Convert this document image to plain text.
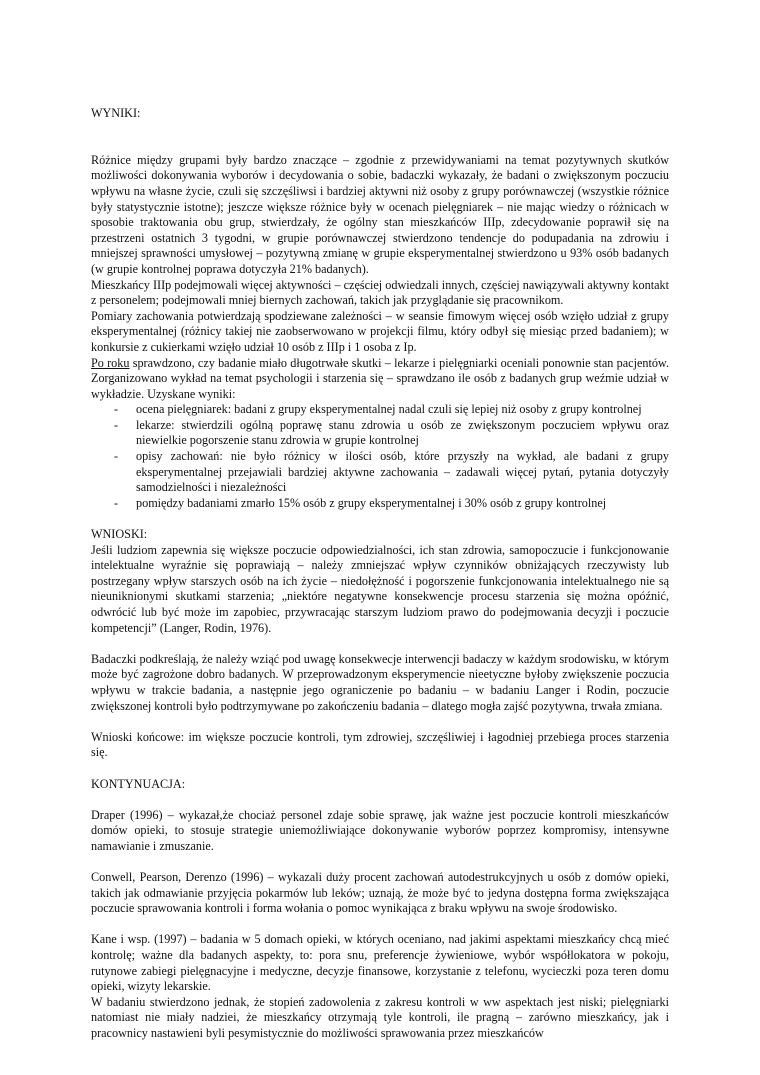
WYNIKI:

Różnice między grupami były bardzo znaczące – zgodnie z przewidywaniami na temat pozytywnych skutków możliwości dokonywania wyborów i decydowania o sobie, badaczki wykazały, że badani o zwiększonym poczuciu wpływu na własne życie, czuli się szczęśliwsi i bardziej aktywni niż osoby z grupy porównawczej (wszystkie różnice były statystycznie istotne); jeszcze większe różnice były w ocenach pielęgniarek – nie mając wiedzy o różnicach w sposobie traktowania obu grup, stwierdzały, że ogólny stan mieszkańców IIIp, zdecydowanie poprawił się na przestrzeni ostatnich 3 tygodni, w grupie porównawczej stwierdzono tendencje do podupadania na zdrowiu i mniejszej sprawności umysłowej – pozytywną zmianę w grupie eksperymentalnej stwierdzono u 93% osób badanych (w grupie kontrolnej poprawa dotyczyła 21% badanych).

Mieszkańcy IIIp podejmowali więcej aktywności – częściej odwiedzali innych, częściej nawiązywali aktywny kontakt z personelem; podejmowali mniej biernych zachowań, takich jak przyglądanie się pracownikom.

Pomiary zachowania potwierdzają spodziewane zależności – w seansie fimowym więcej osób wzięło udział z grupy eksperymentalnej (różnicy takiej nie zaobserwowano w projekcji filmu, który odbył się miesiąc przed badaniem); w konkursie z cukierkami wzięło udział 10 osób z IIIp i 1 osoba z Ip.

Po roku sprawdzono, czy badanie miało długotrwałe skutki – lekarze i pielęgniarki oceniali ponownie stan pacjentów. Zorganizowano wykład na temat psychologii i starzenia się – sprawdzano ile osób z badanych grup weźmie udział w wykładzie. Uzyskane wyniki:

- ocena pielęgniarek: badani z grupy eksperymentalnej nadal czuli się lepiej niż osoby z grupy kontrolnej
- lekarze: stwierdzili ogólną poprawę stanu zdrowia u osób ze zwiększonym poczuciem wpływu oraz niewielkie pogorszenie stanu zdrowia w grupie kontrolnej
- opisy zachowań: nie było różnicy w ilości osób, które przyszły na wykład, ale badani z grupy eksperymentalnej przejawiali bardziej aktywne zachowania – zadawali więcej pytań, pytania dotyczyły samodzielności i niezależności
- pomiędzy badaniami zmarło 15% osób z grupy eksperymentalnej i 30% osób z grupy kontrolnej

WNIOSKI:

Jeśli ludziom zapewnia się większe poczucie odpowiedzialności, ich stan zdrowia, samopoczucie i funkcjonowanie intelektualne wyraźnie się poprawiają – należy zmniejszać wpływ czynników obniżających rzeczywisty lub postrzegany wpływ starszych osób na ich życie – niedołężność i pogorszenie funkcjonowania intelektualnego nie są nieuniknionymi skutkami starzenia; „niektóre negatywne konsekwencje procesu starzenia się można opóźnić, odwrócić lub być może im zapobiec, przywracając starszym ludziom prawo do podejmowania decyzji i poczucie kompetencji” (Langer, Rodin, 1976).

Badaczki podkreślają, że należy wziąć pod uwagę konsekwecje interwencji badaczy w każdym srodowisku, w którym może być zagrożone dobro badanych. W przeprowadzonym eksperymencie nieetyczne byłoby zwiększenie poczucia wpływu w trakcie badania, a następnie jego ograniczenie po badaniu – w badaniu Langer i Rodin, poczucie zwiększonej kontroli było podtrzymywane po zakończeniu badania – dlatego mogła zajść pozytywna, trwała zmiana.

Wnioski końcowe: im większe poczucie kontroli, tym zdrowiej, szczęśliwiej i łagodniej przebiega proces starzenia się.

KONTYNUACJA:

Draper (1996) – wykazał,że chociaż personel zdaje sobie sprawę, jak ważne jest poczucie kontroli mieszkańców domów opieki, to stosuje strategie uniemożliwiające dokonywanie wyborów poprzez kompromisy, intensywne namawianie i zmuszanie.

Conwell, Pearson, Derenzo (1996) – wykazali duży procent zachowań autodestrukcyjnych u osób z domów opieki, takich jak odmawianie przyjęcia pokarmów lub leków; uznają, że może być to jedyna dostępna forma zwiększająca poczucie sprawowania kontroli i forma wołania o pomoc wynikająca z braku wpływu na swoje środowisko.

Kane i wsp. (1997) – badania w 5 domach opieki, w których oceniano, nad jakimi aspektami mieszkańcy chcą mieć kontrolę; ważne dla badanych aspekty, to: pora snu, preferencje żywieniowe, wybór współlokatora w pokoju, rutynowe zabiegi pielęgnacyjne i medyczne, decyzje finansowe, korzystanie z telefonu, wycieczki poza teren domu opieki, wizyty lekarskie.

W badaniu stwierdzono jednak, że stopień zadowolenia z zakresu kontroli w ww aspektach jest niski; pielęgniarki natomiast nie miały nadziei, że mieszkańcy otrzymają tyle kontroli, ile pragną – zarówno mieszkańcy, jak i pracownicy nastawieni byli pesymistycznie do możliwości sprawowania przez mieszkańców
